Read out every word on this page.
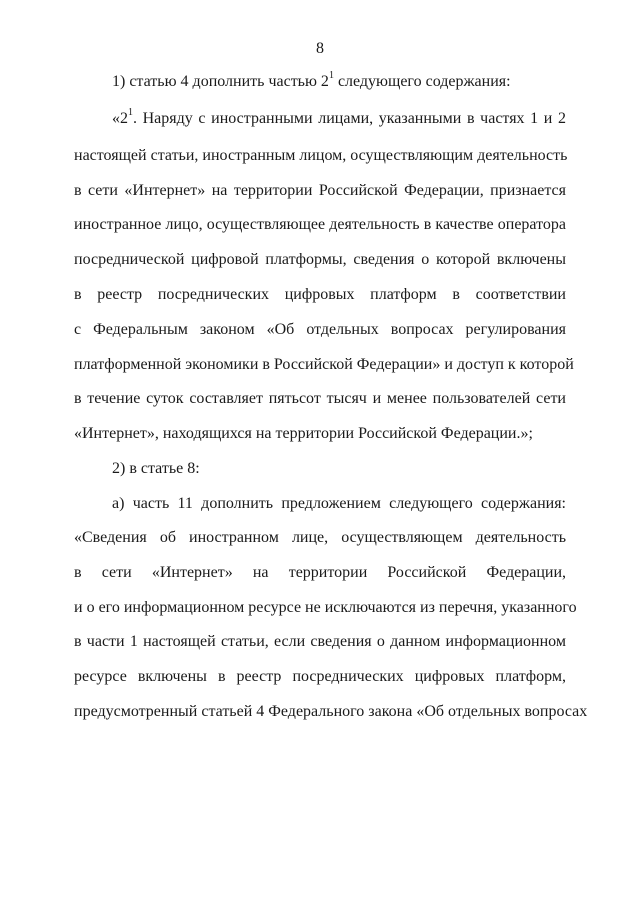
8
1) статью 4 дополнить частью $2^1$ следующего содержания:
«$2^1$. Наряду с иностранными лицами, указанными в частях 1 и 2
настоящей статьи, иностранным лицом, осуществляющим деятельность
в сети «Интернет» на территории Российской Федерации, признается
иностранное лицо, осуществляющее деятельность в качестве оператора
посреднической цифровой платформы, сведения о которой включены
в реестр посреднических цифровых платформ в соответствии
с Федеральным законом «Об отдельных вопросах регулирования
платформенной экономики в Российской Федерации» и доступ к которой
в течение суток составляет пятьсот тысяч и менее пользователей сети
«Интернет», находящихся на территории Российской Федерации.»;
2) в статье 8:
а) часть 11 дополнить предложением следующего содержания:
«Сведения об иностранном лице, осуществляющем деятельность
в сети «Интернет» на территории Российской Федерации,
и о его информационном ресурсе не исключаются из перечня, указанного
в части 1 настоящей статьи, если сведения о данном информационном
ресурсе включены в реестр посреднических цифровых платформ,
предусмотренный статьей 4 Федерального закона «Об отдельных вопросах
